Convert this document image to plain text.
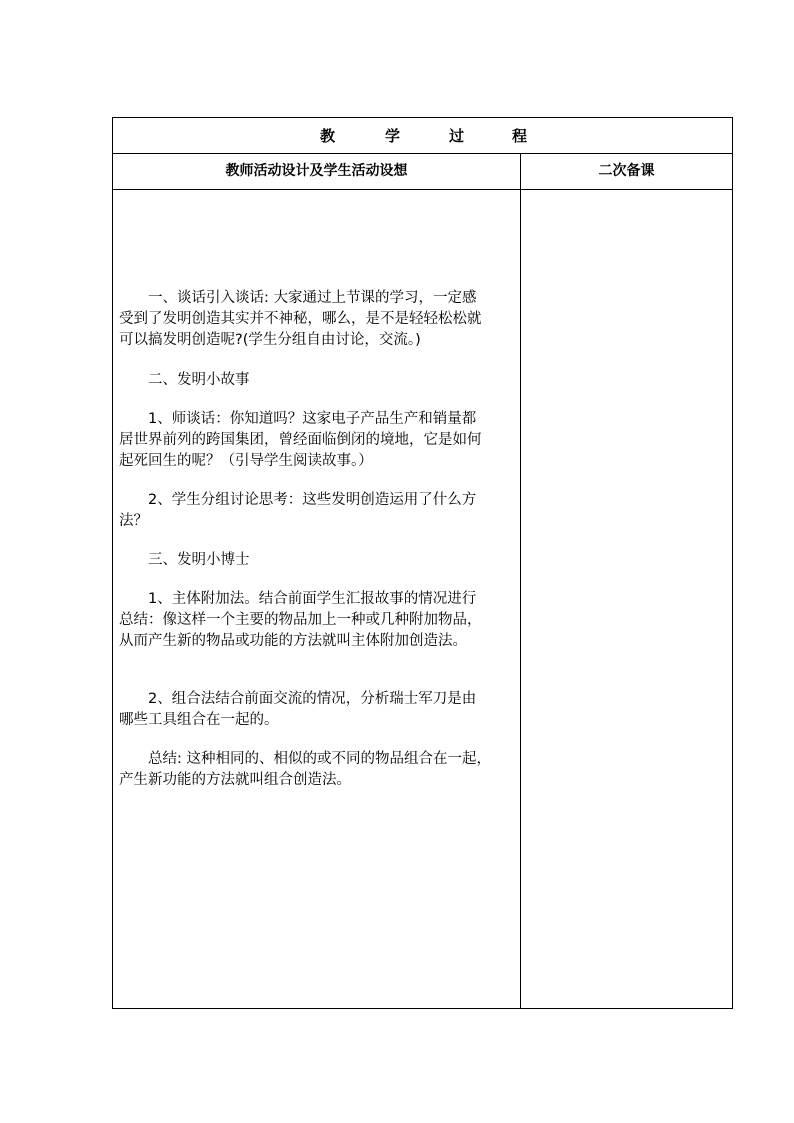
教	学	过	程
教师活动设计及学生活动设想	二次备课
一、谈话引入谈话: 大家通过上节课的学习，一定感
受到了发明创造其实并不神秘，哪么，是不是轻轻松松就
可以搞发明创造呢?(学生分组自由讨论，交流。)
二、发明小故事
1、师谈话：你知道吗？这家电子产品生产和销量都
居世界前列的跨国集团，曾经面临倒闭的境地，它是如何
起死回生的呢？（引导学生阅读故事。）
2、学生分组讨论思考：这些发明创造运用了什么方
法？
三、发明小博士
1、主体附加法。结合前面学生汇报故事的情况进行
总结：像这样一个主要的物品加上一种或几种附加物品，
从而产生新的物品或功能的方法就叫主体附加创造法。
2、组合法结合前面交流的情况，分析瑞士军刀是由
哪些工具组合在一起的。
总结: 这种相同的、相似的或不同的物品组合在一起，
产生新功能的方法就叫组合创造法。
